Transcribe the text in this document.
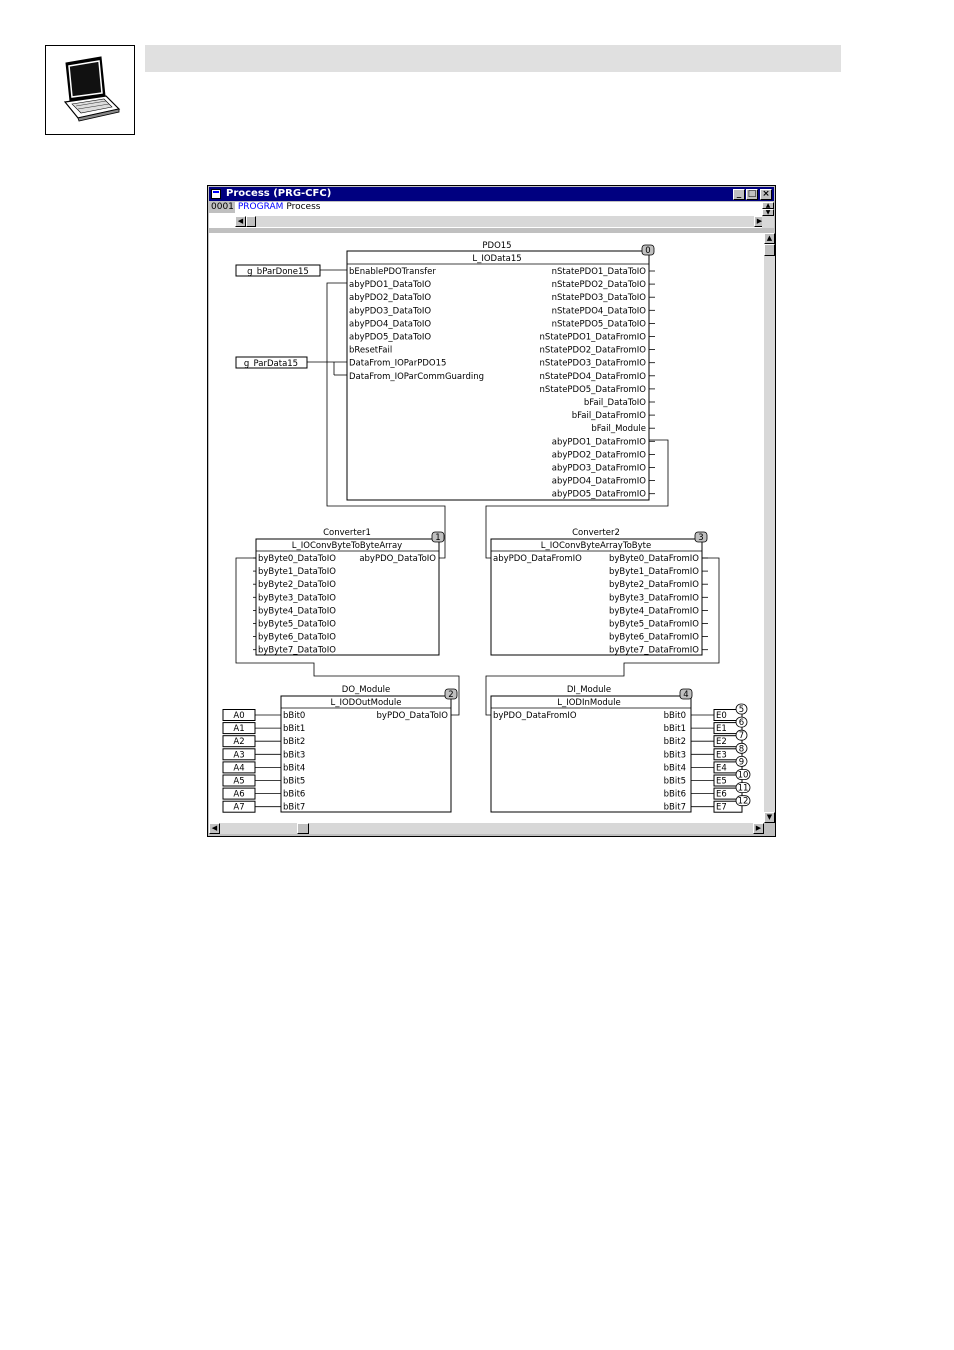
Process (PRG-CFC)	_ □ ×
0001 PROGRAM Process
◀	▶
▲
▼
▲
▼
◀	▶
PDO15
L_IOData15
0
bEnablePDOTransfer
abyPDO1_DataToIO
abyPDO2_DataToIO
abyPDO3_DataToIO
abyPDO4_DataToIO
abyPDO5_DataToIO
bResetFail
DataFrom_IOParPDO15
DataFrom_IOParCommGuarding
nStatePDO1_DataToIO
nStatePDO2_DataToIO
nStatePDO3_DataToIO
nStatePDO4_DataToIO
nStatePDO5_DataToIO
nStatePDO1_DataFromIO
nStatePDO2_DataFromIO
nStatePDO3_DataFromIO
nStatePDO4_DataFromIO
nStatePDO5_DataFromIO
bFail_DataToIO
bFail_DataFromIO
bFail_Module
abyPDO1_DataFromIO
abyPDO2_DataFromIO
abyPDO3_DataFromIO
abyPDO4_DataFromIO
abyPDO5_DataFromIO
g_bParDone15
g_ParData15
Converter1
L_IOConvByteToByteArray
1
byByte0_DataToIO
byByte1_DataToIO
byByte2_DataToIO
byByte3_DataToIO
byByte4_DataToIO
byByte5_DataToIO
byByte6_DataToIO
byByte7_DataToIO
abyPDO_DataToIO
Converter2
L_IOConvByteArrayToByte
3
abyPDO_DataFromIO	byByte0_DataFromIO
byByte1_DataFromIO
byByte2_DataFromIO
byByte3_DataFromIO
byByte4_DataFromIO
byByte5_DataFromIO
byByte6_DataFromIO
byByte7_DataFromIO
DO_Module
L_IODOutModule
2
bBit0
bBit1
bBit2
bBit3
bBit4
bBit5
bBit6
bBit7
byPDO_DataToIO
A0
A1
A2
A3
A4
A5
A6
A7
DI_Module
L_IODInModule
4
byPDO_DataFromIO	bBit0
bBit1
bBit2
bBit3
bBit4
bBit5
bBit6
bBit7
E0
5
E1
6
E2
7
E3
8
E4
9
E5
10
E6
11
E7
12
